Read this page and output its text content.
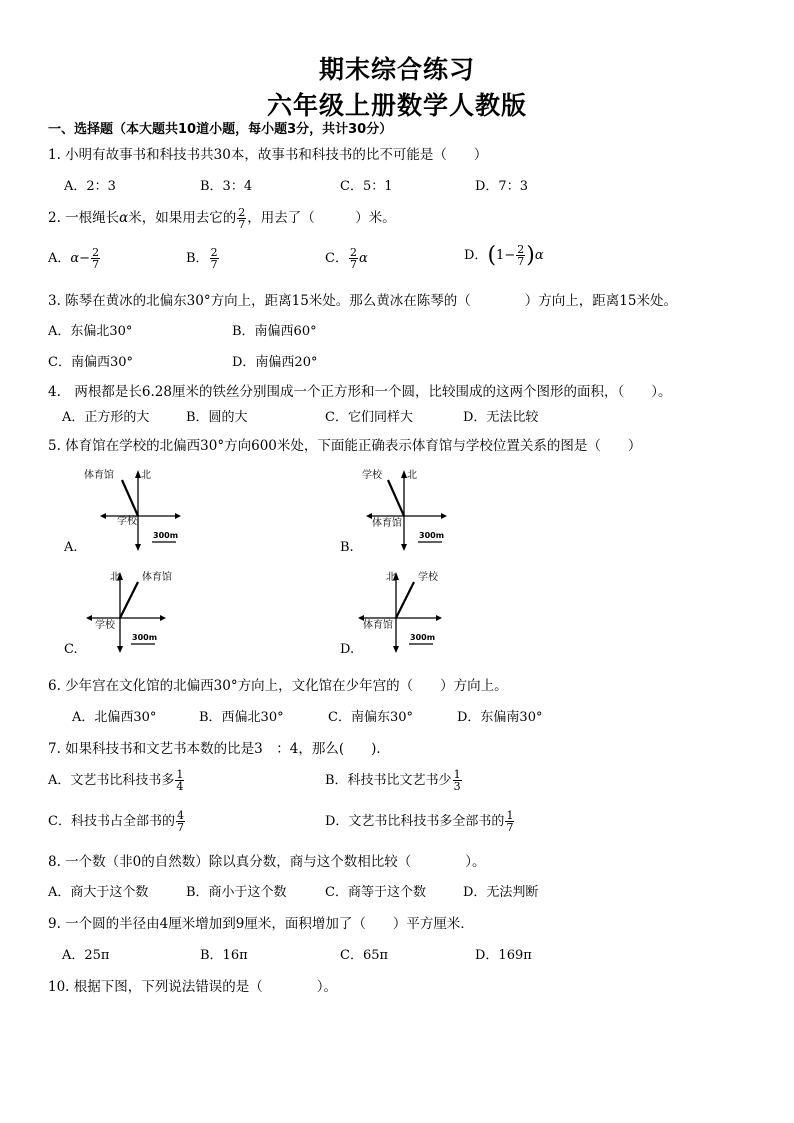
期末综合练习
六年级上册数学人教版
一、选择题（本大题共10道小题，每小题3分，共计30分）
1. 小明有故事书和科技书共30本，故事书和科技书的比不可能是（　　）
A．2：3	B．3：4	C．5：1	D．7：3
2. 一根绳长α米，如果用去它的 $\frac{2}{7}$ ，用去了（　　　）米。
A．$\alpha- \frac{2}{7}$	B． $\frac{2}{7}$	C． $\frac{2}{7}$ α	D．$(1- \frac{2}{7} )\alpha$
3. 陈琴在黄冰的北偏东30°方向上，距离15米处。那么黄冰在陈琴的（　　　　）方向上，距离15米处。
A．东偏北30°	B．南偏西60°
C．南偏西30°	D．南偏西20°
4.　两根都是长6.28厘米的铁丝分别围成一个正方形和一个圆，比较围成的这两个图形的面积，（　　）。
A．正方形的大	B．圆的大	C．它们同样大	D．无法比较
5. 体育馆在学校的北偏西30°方向600米处，下面能正确表示体育馆与学校位置关系的图是（　　）
北
体育馆
学校
300m
A.
北
学校
体育馆
300m
B.
北 体育馆
学校
300m
C.
北 学校
体育馆
300m
D.
6. 少年宫在文化馆的北偏西30°方向上，文化馆在少年宫的（　　）方向上。
A．北偏西30°	B．西偏北30°	C．南偏东30°	D．东偏南30°
7. 如果科技书和文艺书本数的比是3　：4，那么(　　)．
A．文艺书比科技书多 $\frac{1}{4}$	B．科技书比文艺书少 $\frac{1}{3}$
C．科技书占全部书的 $\frac{4}{7}$	D．文艺书比科技书多全部书的 $\frac{1}{7}$
8. 一个数（非0的自然数）除以真分数，商与这个数相比较（　　　　）。
A．商大于这个数	B．商小于这个数	C．商等于这个数	D．无法判断
9. 一个圆的半径由4厘米增加到9厘米，面积增加了（　　）平方厘米．
A．25π	B．16π	C．65π	D．169π
10. 根据下图，下列说法错误的是（　　　　）。
